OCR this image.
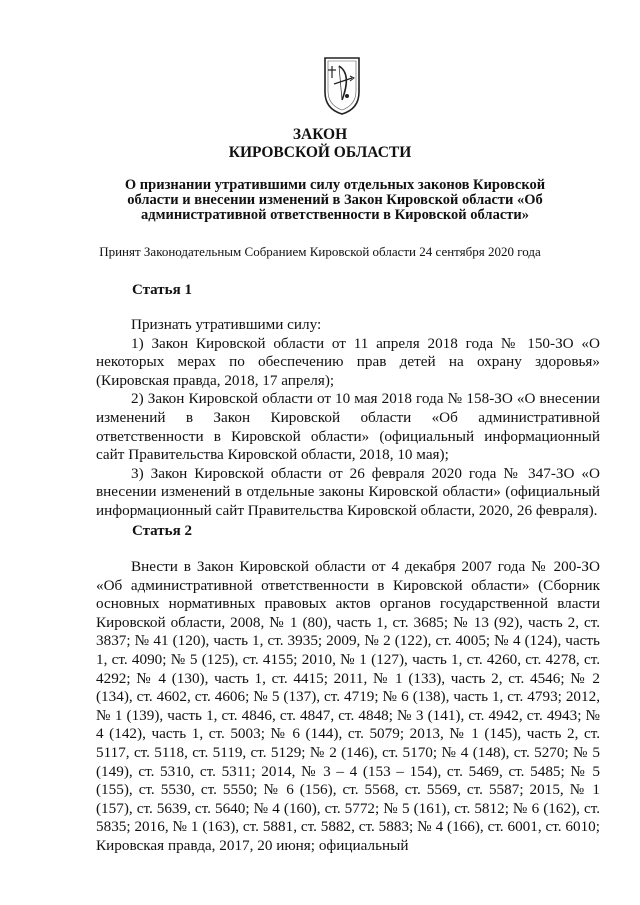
ЗАКОН
КИРОВСКОЙ ОБЛАСТИ
О признании утратившими силу отдельных законов Кировской области и внесении изменений в Закон Кировской области «Об административной ответственности в Кировской области»
Принят Законодательным Собранием Кировской области 24 сентября 2020 года
Статья 1

Признать утратившими силу:

1) Закон Кировской области от 11 апреля 2018 года № 150-ЗО «О некоторых мерах по обеспечению прав детей на охрану здоровья» (Кировская правда, 2018, 17 апреля);

2) Закон Кировской области от 10 мая 2018 года № 158-ЗО «О внесении изменений в Закон Кировской области «Об административной ответственности в Кировской области» (официальный информационный сайт Правительства Кировской области, 2018, 10 мая);

3) Закон Кировской области от 26 февраля 2020 года № 347-ЗО «О внесении изменений в отдельные законы Кировской области» (официальный информационный сайт Правительства Кировской области, 2020, 26 февраля).

Статья 2

Внести в Закон Кировской области от 4 декабря 2007 года № 200-ЗО «Об административной ответственности в Кировской области» (Сборник основных нормативных правовых актов органов государственной власти Кировской области, 2008, № 1 (80), часть 1, ст. 3685; № 13 (92), часть 2, ст. 3837; № 41 (120), часть 1, ст. 3935; 2009, № 2 (122), ст. 4005; № 4 (124), часть 1, ст. 4090; № 5 (125), ст. 4155; 2010, № 1 (127), часть 1, ст. 4260, ст. 4278, ст. 4292; № 4 (130), часть 1, ст. 4415; 2011, № 1 (133), часть 2, ст. 4546; № 2 (134), ст. 4602, ст. 4606; № 5 (137), ст. 4719; № 6 (138), часть 1, ст. 4793; 2012, № 1 (139), часть 1, ст. 4846, ст. 4847, ст. 4848; № 3 (141), ст. 4942, ст. 4943; № 4 (142), часть 1, ст. 5003; № 6 (144), ст. 5079; 2013, № 1 (145), часть 2, ст. 5117, ст. 5118, ст. 5119, ст. 5129; № 2 (146), ст. 5170; № 4 (148), ст. 5270; № 5 (149), ст. 5310, ст. 5311; 2014, № 3 – 4 (153 – 154), ст. 5469, ст. 5485; № 5 (155), ст. 5530, ст. 5550; № 6 (156), ст. 5568, ст. 5569, ст. 5587; 2015, № 1 (157), ст. 5639, ст. 5640; № 4 (160), ст. 5772; № 5 (161), ст. 5812; № 6 (162), ст. 5835; 2016, № 1 (163), ст. 5881, ст. 5882, ст. 5883; № 4 (166), ст. 6001, ст. 6010; Кировская правда, 2017, 20 июня; официальный
